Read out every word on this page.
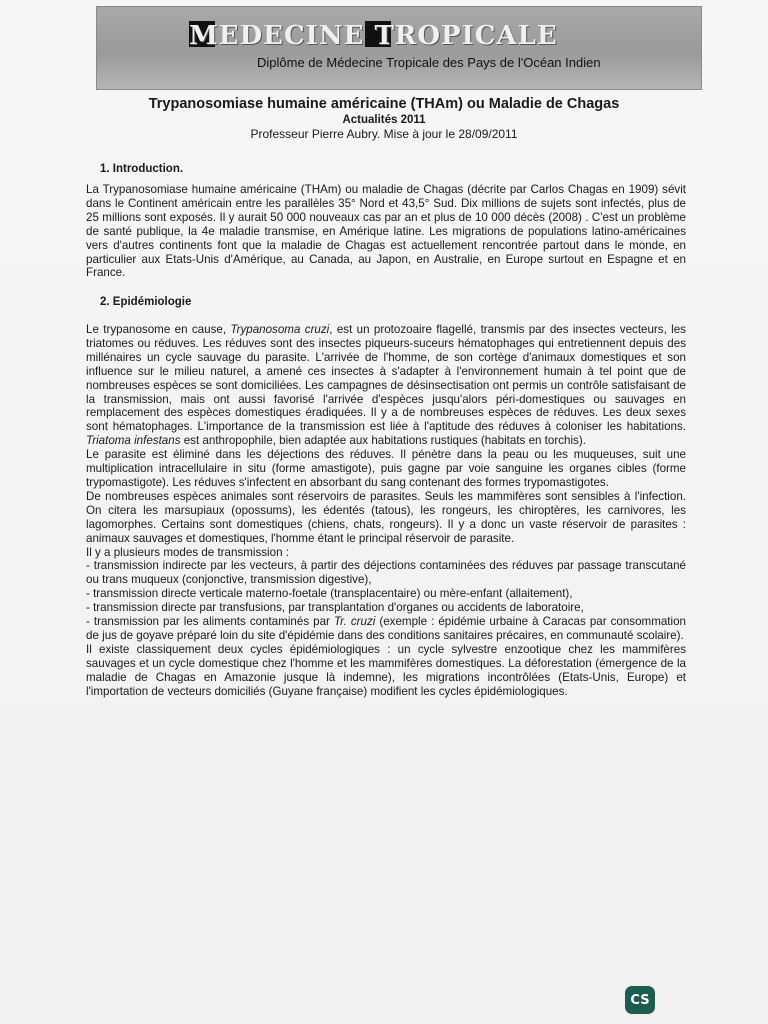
MEDECINE TROPICALE
Diplôme de Médecine Tropicale des Pays de l'Océan Indien
Trypanosomiase humaine américaine (THAm) ou Maladie de Chagas
Actualités 2011
Professeur Pierre Aubry. Mise à jour le 28/09/2011
1. Introduction.

La Trypanosomiase humaine américaine (THAm) ou maladie de Chagas (décrite par Carlos Chagas en 1909) sévit dans le Continent américain entre les parallèles 35° Nord et 43,5° Sud. Dix millions de sujets sont infectés, plus de 25 millions sont exposés. Il y aurait 50 000 nouveaux cas par an et plus de 10 000 décès (2008) . C'est un problème de santé publique, la 4e maladie transmise, en Amérique latine. Les migrations de populations latino-américaines vers d'autres continents font que la maladie de Chagas est actuellement rencontrée partout dans le monde, en particulier aux Etats-Unis d'Amérique, au Canada, au Japon, en Australie, en Europe surtout en Espagne et en France.

2. Epidémiologie

Le trypanosome en cause, Trypanosoma cruzi, est un protozoaire flagellé, transmis par des insectes vecteurs, les triatomes ou réduves. Les réduves sont des insectes piqueurs-suceurs hématophages qui entretiennent depuis des millénaires un cycle sauvage du parasite. L'arrivée de l'homme, de son cortège d'animaux domestiques et son influence sur le milieu naturel, a amené ces insectes à s'adapter à l'environnement humain à tel point que de nombreuses espèces se sont domiciliées. Les campagnes de désinsectisation ont permis un contrôle satisfaisant de la transmission, mais ont aussi favorisé l'arrivée d'espèces jusqu'alors péri-domestiques ou sauvages en remplacement des espèces domestiques éradiquées. Il y a de nombreuses espèces de réduves. Les deux sexes sont hématophages. L'importance de la transmission est liée à l'aptitude des réduves à coloniser les habitations. Triatoma infestans est anthropophile, bien adaptée aux habitations rustiques (habitats en torchis).

Le parasite est éliminé dans les déjections des réduves. Il pénètre dans la peau ou les muqueuses, suit une multiplication intracellulaire in situ (forme amastigote), puis gagne par voie sanguine les organes cibles (forme trypomastigote). Les réduves s'infectent en absorbant du sang contenant des formes trypomastigotes.

De nombreuses espèces animales sont réservoirs de parasites. Seuls les mammifères sont sensibles à l'infection. On citera les marsupiaux (opossums), les édentés (tatous), les rongeurs, les chiroptères, les carnivores, les lagomorphes. Certains sont domestiques (chiens, chats, rongeurs). Il y a donc un vaste réservoir de parasites : animaux sauvages et domestiques, l'homme étant le principal réservoir de parasite.

Il y a plusieurs modes de transmission :

- transmission indirecte par les vecteurs, à partir des déjections contaminées des réduves par passage transcutané ou trans muqueux (conjonctive, transmission digestive),

- transmission directe verticale materno-foetale (transplacentaire) ou mère-enfant (allaitement),

- transmission directe par transfusions, par transplantation d'organes ou accidents de laboratoire,

- transmission par les aliments contaminés par Tr. cruzi (exemple : épidémie urbaine à Caracas par consommation de jus de goyave préparé loin du site d'épidémie dans des conditions sanitaires précaires, en communauté scolaire).

Il existe classiquement deux cycles épidémiologiques : un cycle sylvestre enzootique chez les mammifères sauvages et un cycle domestique chez l'homme et les mammifères domestiques. La déforestation (émergence de la maladie de Chagas en Amazonie jusque là indemne), les migrations incontrôlées (Etats-Unis, Europe) et l'importation de vecteurs domiciliés (Guyane française) modifient les cycles épidémiologiques.

CS
